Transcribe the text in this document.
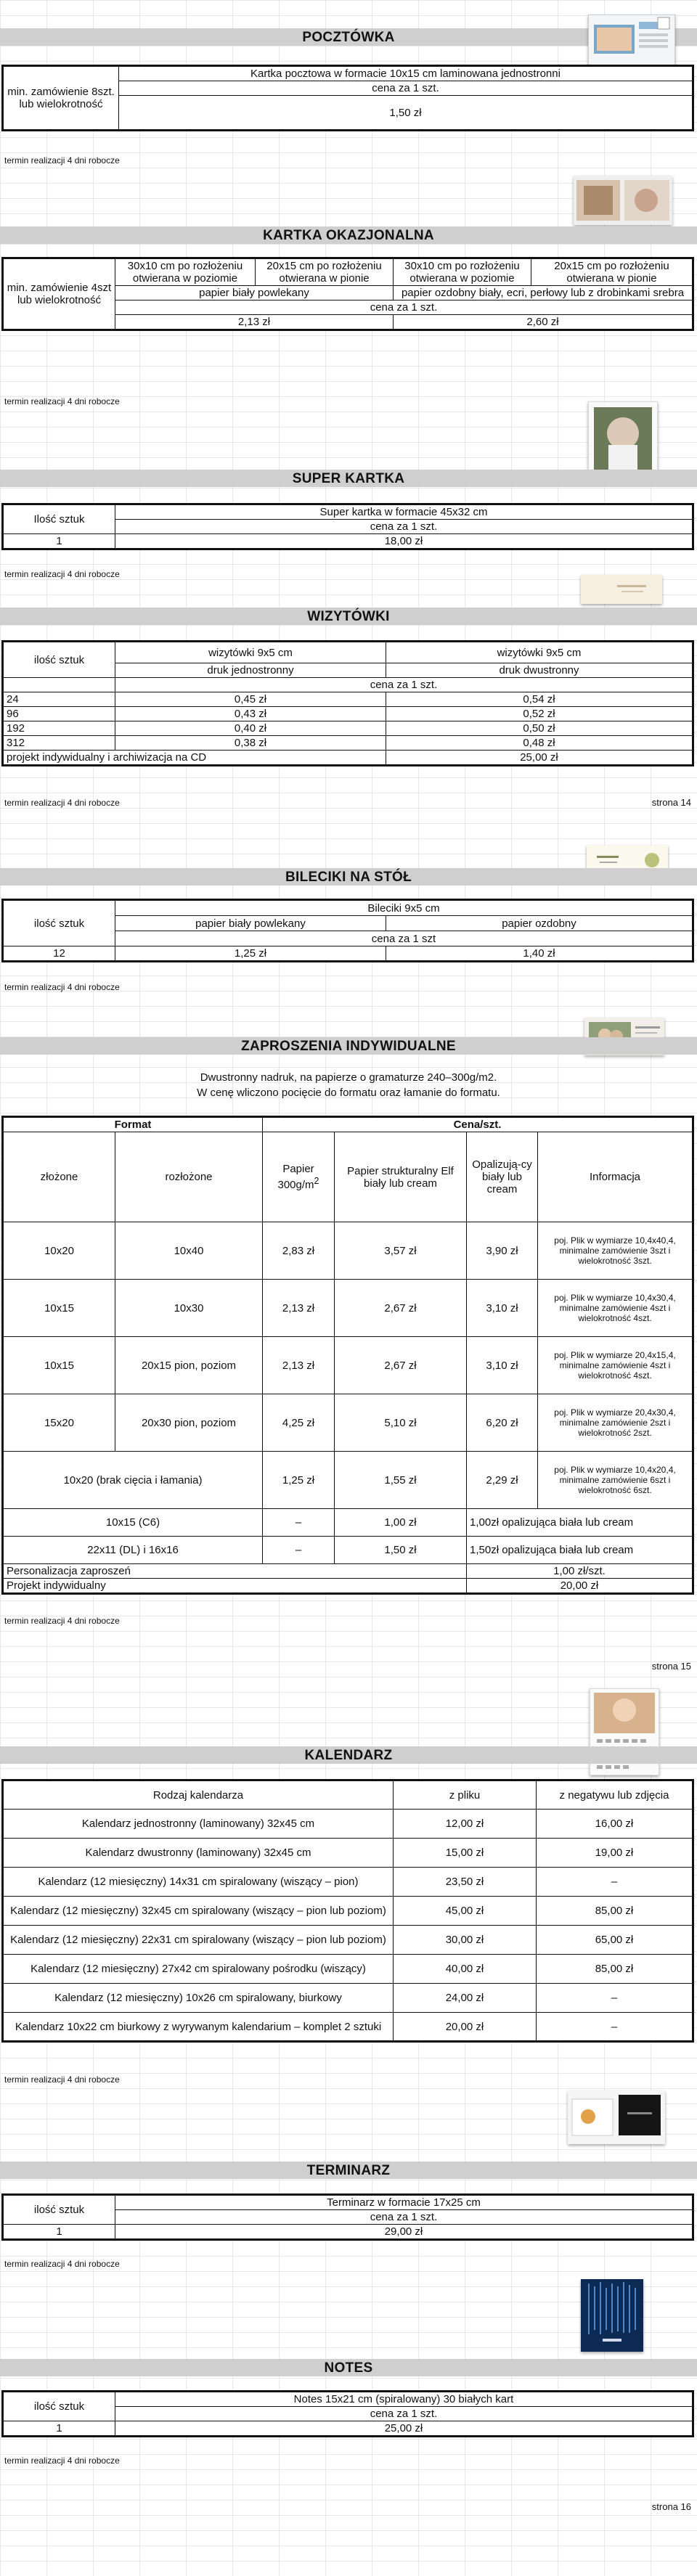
POCZTÓWKA
min. zamówienie 8szt. lub wielokrotność	Kartka pocztowa w formacie 10x15 cm laminowana jednostronni
cena za 1 szt.
1,50 zł
termin realizacji 4 dni robocze
KARTKA OKAZJONALNA
min. zamówienie 4szt lub wielokrotność	30x10 cm po rozłożeniu otwierana w poziomie	20x15 cm po rozłożeniu otwierana w pionie	30x10 cm po rozłożeniu otwierana w poziomie	20x15 cm po rozłożeniu otwierana w pionie
	papier biały powlekany		papier ozdobny biały, ecri, perłowy lub z drobinkami srebra	
	cena za 1 szt.			
	2,13 zł		2,60 zł	
termin realizacji 4 dni robocze
SUPER KARTKA
Ilość sztuk	Super kartka w formacie 45x32 cm
	cena za 1 szt.
1	18,00 zł
termin realizacji 4 dni robocze
WIZYTÓWKI
ilość sztuk	wizytówki 9x5 cm	wizytówki 9x5 cm
	druk jednostronny	druk dwustronny
	cena za 1 szt.	
24	0,45 zł	0,54 zł
96	0,43 zł	0,52 zł
192	0,40 zł	0,50 zł
312	0,38 zł	0,48 zł
projekt indywidualny i archiwizacja na CD		25,00 zł
termin realizacji 4 dni robocze	strona 14
BILECIKI NA STÓŁ
ilość sztuk	Bileciki 9x5 cm	
	papier biały powlekany	papier ozdobny
	cena za 1 szt	
12	1,25 zł	1,40 zł
termin realizacji 4 dni robocze
ZAPROSZENIA INDYWIDUALNE
Dwustronny nadruk, na papierze o gramaturze 240–300g/m2.
W cenę wliczono pocięcie do formatu oraz łamanie do formatu.
Format		Cena/szt.			
złożone	rozłożone	Papier $300g/m^2$	Papier strukturalny Elf biały lub cream	Opalizują-cy biały lub cream	Informacja
10x20	10x40	2,83 zł	3,57 zł	3,90 zł	poj. Plik w wymiarze 10,4x40,4, minimalne zamówienie 3szt i wielokrotność 3szt.
10x15	10x30	2,13 zł	2,67 zł	3,10 zł	poj. Plik w wymiarze 10,4x30,4, minimalne zamówienie 4szt i wielokrotność 4szt.
10x15	20x15 pion, poziom	2,13 zł	2,67 zł	3,10 zł	poj. Plik w wymiarze 20,4x15,4, minimalne zamówienie 4szt i wielokrotność 4szt.
15x20	20x30 pion, poziom	4,25 zł	5,10 zł	6,20 zł	poj. Plik w wymiarze 20,4x30,4, minimalne zamówienie 2szt i wielokrotność 2szt.
10x20 (brak cięcia i łamania)		1,25 zł	1,55 zł	2,29 zł	poj. Plik w wymiarze 10,4x20,4, minimalne zamówienie 6szt i wielokrotność 6szt.
10x15 (C6)		–	1,00 zł	1,00zł opalizująca biała lub cream	
22x11 (DL) i 16x16		–	1,50 zł	1,50zł opalizująca biała lub cream	
Personalizacja zaproszeń				1,00 zł/szt.	
Projekt indywidualny				20,00 zł	
termin realizacji 4 dni robocze
strona 15
KALENDARZ
Rodzaj kalendarza	z pliku	z negatywu lub zdjęcia
Kalendarz jednostronny (laminowany) 32x45 cm	12,00 zł	16,00 zł
Kalendarz dwustronny (laminowany) 32x45 cm	15,00 zł	19,00 zł
Kalendarz (12 miesięczny) 14x31 cm spiralowany (wiszący – pion)	23,50 zł	–
Kalendarz (12 miesięczny) 32x45 cm spiralowany (wiszący – pion lub poziom)	45,00 zł	85,00 zł
Kalendarz (12 miesięczny) 22x31 cm spiralowany (wiszący – pion lub poziom)	30,00 zł	65,00 zł
Kalendarz (12 miesięczny) 27x42 cm spiralowany pośrodku (wiszący)	40,00 zł	85,00 zł
Kalendarz (12 miesięczny) 10x26 cm spiralowany, biurkowy	24,00 zł	–
Kalendarz 10x22 cm biurkowy z wyrywanym kalendarium – komplet 2 sztuki	20,00 zł	–
termin realizacji 4 dni robocze
TERMINARZ
ilość sztuk	Terminarz w formacie 17x25 cm
	cena za 1 szt.
1	29,00 zł
termin realizacji 4 dni robocze
NOTES
ilość sztuk	Notes 15x21 cm (spiralowany) 30 białych kart
	cena za 1 szt.
1	25,00 zł
termin realizacji 4 dni robocze
strona 16
